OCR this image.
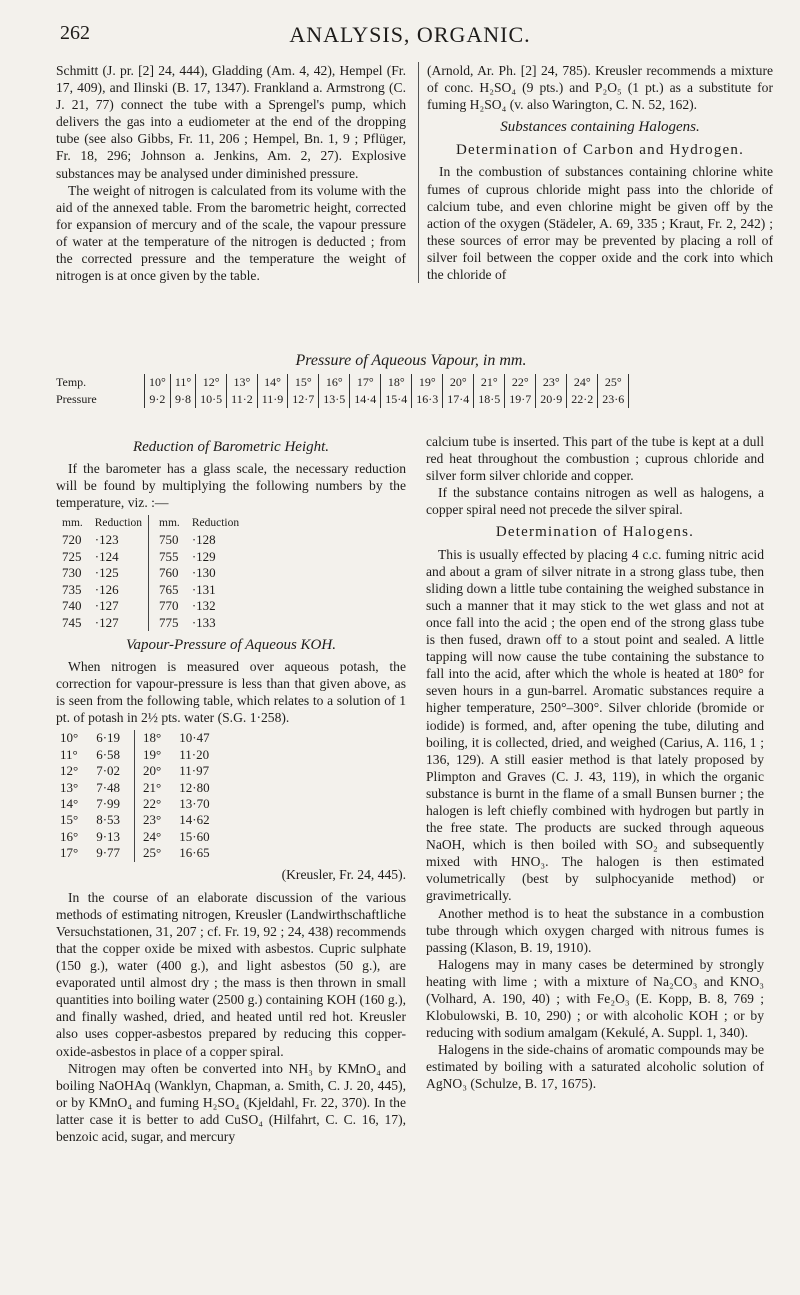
262	ANALYSIS, ORGANIC.

Schmitt (J. pr. [2] 24, 444), Gladding (Am. 4, 42), Hempel (Fr. 17, 409), and Ilinski (B. 17, 1347). Frankland a. Armstrong (C. J. 21, 77) connect the tube with a Sprengel's pump, which delivers the gas into a eudiometer at the end of the dropping tube (see also Gibbs, Fr. 11, 206 ; Hempel, Bn. 1, 9 ; Pflüger, Fr. 18, 296; Johnson a. Jenkins, Am. 2, 27). Explosive substances may be analysed under diminished pressure.

The weight of nitrogen is calculated from its volume with the aid of the annexed table. From the barometric height, corrected for expansion of mercury and of the scale, the vapour pressure of water at the temperature of the nitrogen is deducted ; from the corrected pressure and the temperature the weight of nitrogen is at once given by the table.

(Arnold, Ar. Ph. [2] 24, 785). Kreusler recommends a mixture of conc. H₂SO₄ (9 pts.) and P₂O₅ (1 pt.) as a substitute for fuming H₂SO₄ (v. also Warington, C. N. 52, 162).

Substances containing Halogens.
Determination of Carbon and Hydrogen.

In the combustion of substances containing chlorine white fumes of cuprous chloride might pass into the chloride of calcium tube, and even chlorine might be given off by the action of the oxygen (Städeler, A. 69, 335 ; Kraut, Fr. 2, 242) ; these sources of error may be prevented by placing a roll of silver foil between the copper oxide and the cork into which the chloride of

Pressure of Aqueous Vapour, in mm.
Temp.	10°	11°	12°	13°	14°	15°	16°	17°	18°	19°	20°	21°	22°	23°	24°	25°
Pressure	9·2	9·8	10·5	11·2	11·9	12·7	13·5	14·4	15·4	16·3	17·4	18·5	19·7	20·9	22·2	23·6
Reduction of Barometric Height.

If the barometer has a glass scale, the necessary reduction will be found by multiplying the following numbers by the temperature, viz. :—

mm.	Reduction		mm.	Reduction
720	·123		750	·128
725	·124		755	·129
730	·125		760	·130
735	·126		765	·131
740	·127		770	·132
745	·127		775	·133
Vapour-Pressure of Aqueous KOH.

When nitrogen is measured over aqueous potash, the correction for vapour-pressure is less than that given above, as is seen from the following table, which relates to a solution of 1 pt. of potash in 2½ pts. water (S.G. 1·258).

10°	6·19		18°	10·47
11°	6·58		19°	11·20
12°	7·02		20°	11·97
13°	7·48		21°	12·80
14°	7·99		22°	13·70
15°	8·53		23°	14·62
16°	9·13		24°	15·60
17°	9·77		25°	16·65
(Kreusler, Fr. 24, 445).

In the course of an elaborate discussion of the various methods of estimating nitrogen, Kreusler (Landwirthschaftliche Versuchstationen, 31, 207 ; cf. Fr. 19, 92 ; 24, 438) recommends that the copper oxide be mixed with asbestos. Cupric sulphate (150 g.), water (400 g.), and light asbestos (50 g.), are evaporated until almost dry ; the mass is then thrown in small quantities into boiling water (2500 g.) containing KOH (160 g.), and finally washed, dried, and heated until red hot. Kreusler also uses copper-asbestos prepared by reducing this copper-oxide-asbestos in place of a copper spiral.

Nitrogen may often be converted into NH₃ by KMnO₄ and boiling NaOHAq (Wanklyn, Chapman, a. Smith, C. J. 20, 445), or by KMnO₄ and fuming H₂SO₄ (Kjeldahl, Fr. 22, 370). In the latter case it is better to add CuSO₄ (Hilfahrt, C. C. 16, 17), benzoic acid, sugar, and mercury

calcium tube is inserted. This part of the tube is kept at a dull red heat throughout the combustion ; cuprous chloride and silver form silver chloride and copper.

If the substance contains nitrogen as well as halogens, a copper spiral need not precede the silver spiral.

Determination of Halogens.

This is usually effected by placing 4 c.c. fuming nitric acid and about a gram of silver nitrate in a strong glass tube, then sliding down a little tube containing the weighed substance in such a manner that it may stick to the wet glass and not at once fall into the acid ; the open end of the strong glass tube is then fused, drawn off to a stout point and sealed. A little tapping will now cause the tube containing the substance to fall into the acid, after which the whole is heated at 180° for seven hours in a gun-barrel. Aromatic substances require a higher temperature, 250°–300°. Silver chloride (bromide or iodide) is formed, and, after opening the tube, diluting and boiling, it is collected, dried, and weighed (Carius, A. 116, 1 ; 136, 129). A still easier method is that lately proposed by Plimpton and Graves (C. J. 43, 119), in which the organic substance is burnt in the flame of a small Bunsen burner ; the halogen is left chiefly combined with hydrogen but partly in the free state. The products are sucked through aqueous NaOH, which is then boiled with SO₂ and subsequently mixed with HNO₃. The halogen is then estimated volumetrically (best by sulphocyanide method) or gravimetrically.

Another method is to heat the substance in a combustion tube through which oxygen charged with nitrous fumes is passing (Klason, B. 19, 1910).

Halogens may in many cases be determined by strongly heating with lime ; with a mixture of Na₂CO₃ and KNO₃ (Volhard, A. 190, 40) ; with Fe₂O₃ (E. Kopp, B. 8, 769 ; Klobulowski, B. 10, 290) ; or with alcoholic KOH ; or by reducing with sodium amalgam (Kekulé, A. Suppl. 1, 340).

Halogens in the side-chains of aromatic compounds may be estimated by boiling with a saturated alcoholic solution of AgNO₃ (Schulze, B. 17, 1675).
